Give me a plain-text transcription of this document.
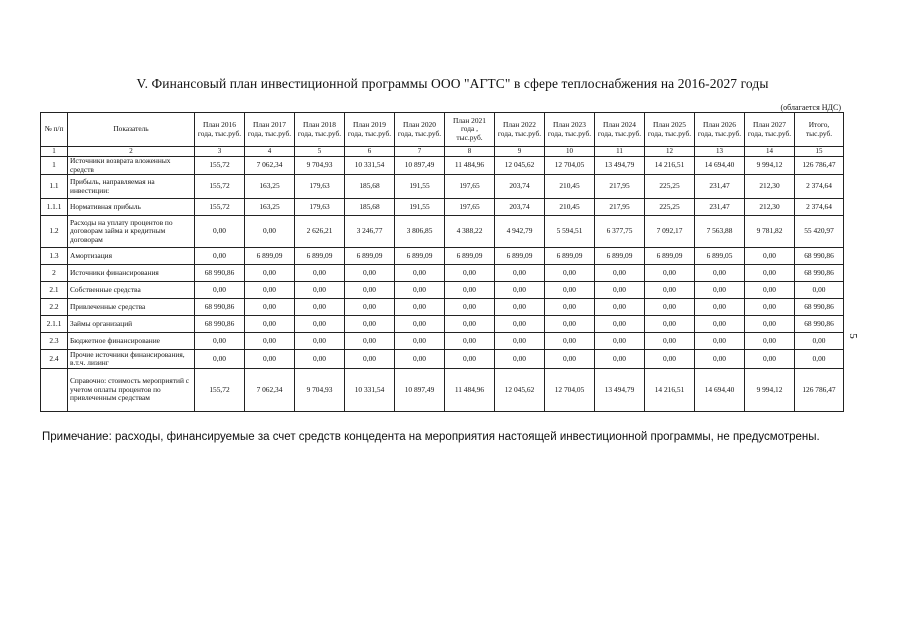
V. Финансовый план инвестиционной программы ООО "АГТС" в сфере теплоснабжения на 2016-2027 годы
(облагается НДС)
№ п/п	Показатель	План 2016 года, тыс.руб.	План 2017 года, тыс.руб.	План 2018 года, тыс.руб.	План 2019 года, тыс.руб.	План 2020 года, тыс.руб.	План 2021 года , тыс.руб.	План 2022 года, тыс.руб.	План 2023 года, тыс.руб.	План 2024 года, тыс.руб.	План 2025 года, тыс.руб.	План 2026 года, тыс.руб.	План 2027 года, тыс.руб.	Итого, тыс.руб.
1	2	3	4	5	6	7	8	9	10	11	12	13	14	15
1	Источники возврата вложенных средств	155,72	7 062,34	9 704,93	10 331,54	10 897,49	11 484,96	12 045,62	12 704,05	13 494,79	14 216,51	14 694,40	9 994,12	126 786,47
1.1	Прибыль, направляемая на инвестиции:	155,72	163,25	179,63	185,68	191,55	197,65	203,74	210,45	217,95	225,25	231,47	212,30	2 374,64
1.1.1	Нормативная прибыль	155,72	163,25	179,63	185,68	191,55	197,65	203,74	210,45	217,95	225,25	231,47	212,30	2 374,64
1.2	Расходы на уплату процентов по договорам займа и кредитным договорам	0,00	0,00	2 626,21	3 246,77	3 806,85	4 388,22	4 942,79	5 594,51	6 377,75	7 092,17	7 563,88	9 781,82	55 420,97
1.3	Амортизация	0,00	6 899,09	6 899,09	6 899,09	6 899,09	6 899,09	6 899,09	6 899,09	6 899,09	6 899,09	6 899,05	0,00	68 990,86
2	Источники финансирования	68 990,86	0,00	0,00	0,00	0,00	0,00	0,00	0,00	0,00	0,00	0,00	0,00	68 990,86
2.1	Собственные средства	0,00	0,00	0,00	0,00	0,00	0,00	0,00	0,00	0,00	0,00	0,00	0,00	0,00
2.2	Привлеченные средства	68 990,86	0,00	0,00	0,00	0,00	0,00	0,00	0,00	0,00	0,00	0,00	0,00	68 990,86
2.1.1	Займы организаций	68 990,86	0,00	0,00	0,00	0,00	0,00	0,00	0,00	0,00	0,00	0,00	0,00	68 990,86
2.3	Бюджетное финансирование	0,00	0,00	0,00	0,00	0,00	0,00	0,00	0,00	0,00	0,00	0,00	0,00	0,00
2.4	Прочие источники финансирования, в.т.ч. лизинг	0,00	0,00	0,00	0,00	0,00	0,00	0,00	0,00	0,00	0,00	0,00	0,00	0,00
	Справочно: стоимость мероприятий с учетом оплаты процентов по привлеченным средствам	155,72	7 062,34	9 704,93	10 331,54	10 897,49	11 484,96	12 045,62	12 704,05	13 494,79	14 216,51	14 694,40	9 994,12	126 786,47
5
Примечание: расходы, финансируемые за счет средств концедента на мероприятия настоящей инвестиционной программы, не предусмотрены.
